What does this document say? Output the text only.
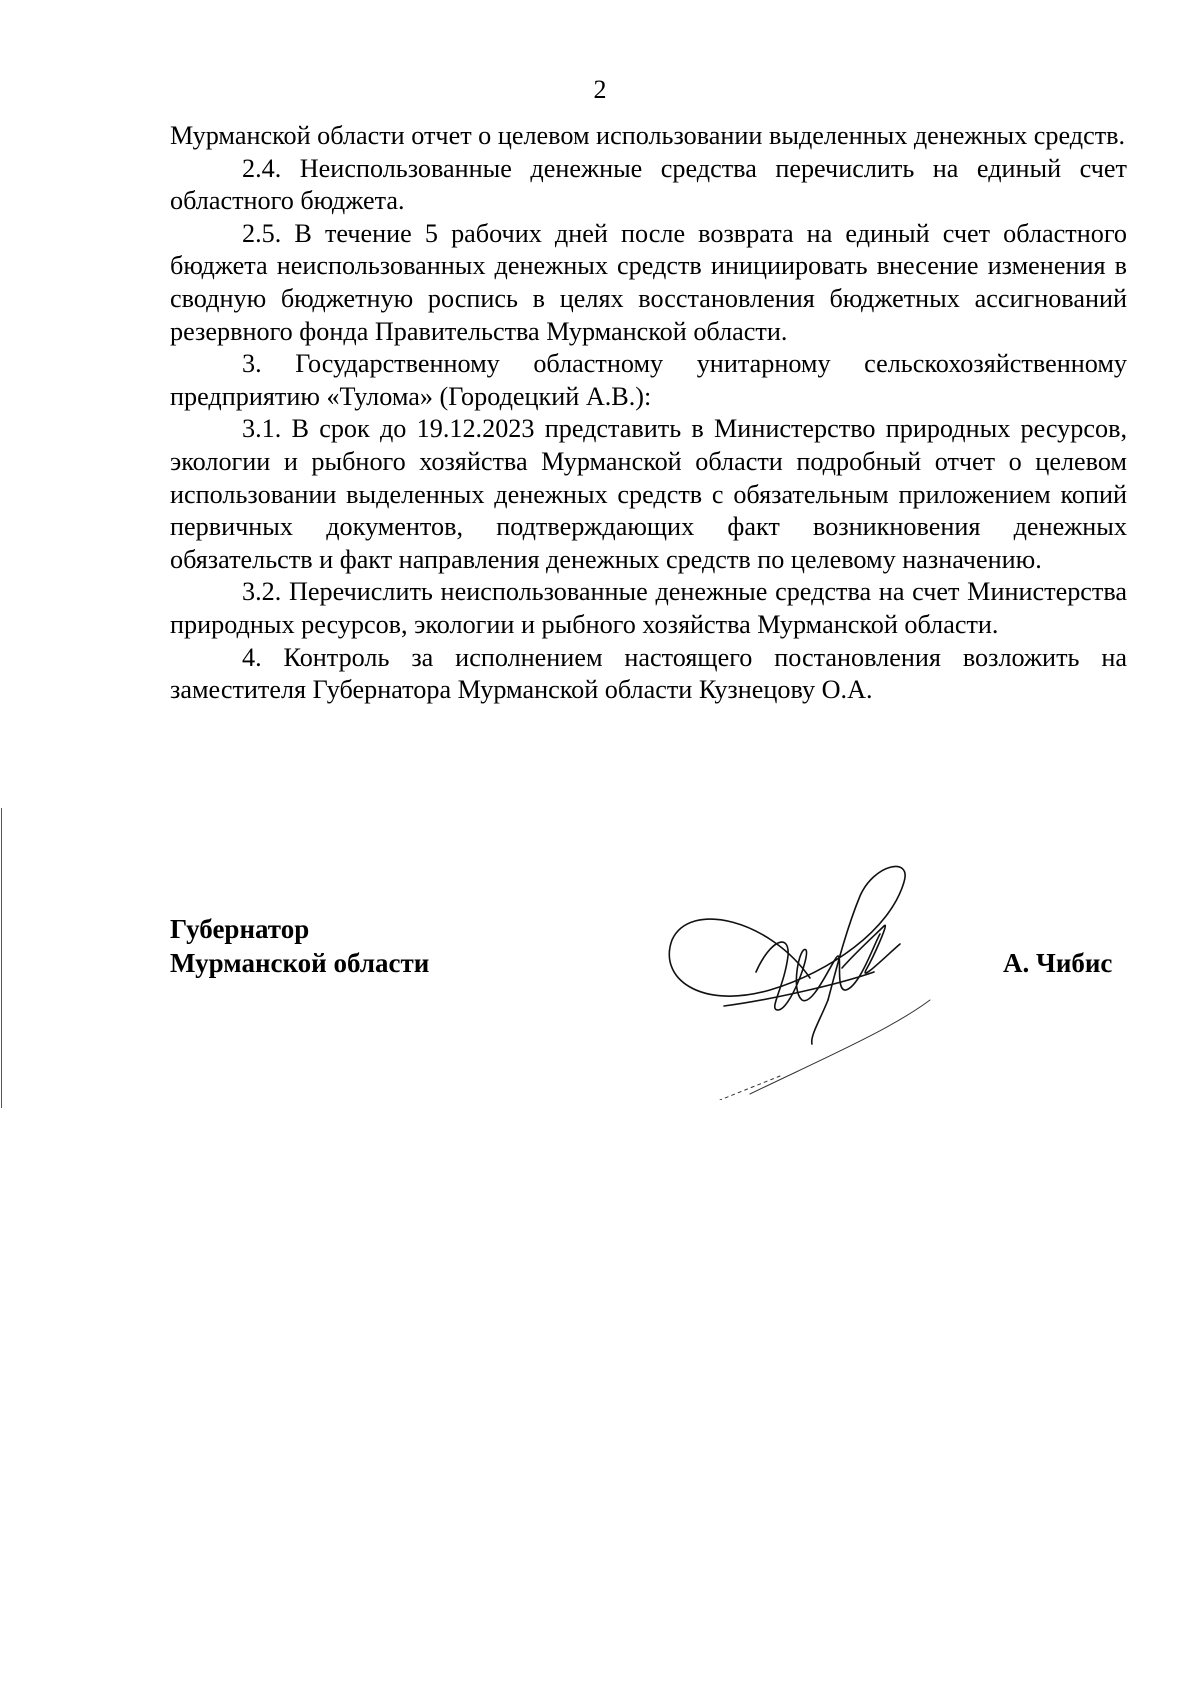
2

Мурманской области отчет о целевом использовании выделенных денежных средств.

2.4. Неиспользованные денежные средства перечислить на единый счет областного бюджета.

2.5. В течение 5 рабочих дней после возврата на единый счет областного бюджета неиспользованных денежных средств инициировать внесение изменения в сводную бюджетную роспись в целях восстановления бюджетных ассигнований резервного фонда Правительства Мурманской области.

3. Государственному областному унитарному сельскохозяйственному предприятию «Тулома» (Городецкий А.В.):

3.1. В срок до 19.12.2023 представить в Министерство природных ресурсов, экологии и рыбного хозяйства Мурманской области подробный отчет о целевом использовании выделенных денежных средств с обязательным приложением копий первичных документов, подтверждающих факт возникновения денежных обязательств и факт направления денежных средств по целевому назначению.

3.2. Перечислить неиспользованные денежные средства на счет Министерства природных ресурсов, экологии и рыбного хозяйства Мурманской области.

4. Контроль за исполнением настоящего постановления возложить на заместителя Губернатора Мурманской области Кузнецову О.А.

Губернатор
Мурманской области	А. Чибис
